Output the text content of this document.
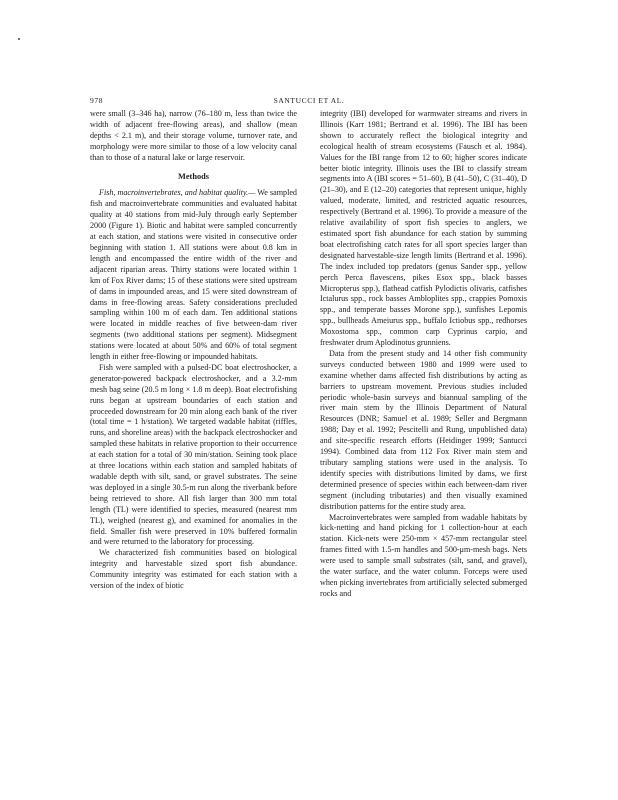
978	SANTUCCI ET AL.

were small (3–346 ha), narrow (76–180 m, less than twice the width of adjacent free-flowing areas), and shallow (mean depths < 2.1 m), and their storage volume, turnover rate, and morphology were more similar to those of a low velocity canal than to those of a natural lake or large reservoir.

Methods

Fish, macroinvertebrates, and habitat quality.— We sampled fish and macroinvertebrate communities and evaluated habitat quality at 40 stations from mid-July through early September 2000 (Figure 1). Biotic and habitat were sampled concurrently at each station, and stations were visited in consecutive order beginning with station 1. All stations were about 0.8 km in length and encompassed the entire width of the river and adjacent riparian areas. Thirty stations were located within 1 km of Fox River dams; 15 of these stations were sited upstream of dams in impounded areas, and 15 were sited downstream of dams in free-flowing areas. Safety considerations precluded sampling within 100 m of each dam. Ten additional stations were located in middle reaches of five between-dam river segments (two additional stations per segment). Midsegment stations were located at about 50% and 60% of total segment length in either free-flowing or impounded habitats.

Fish were sampled with a pulsed-DC boat electroshocker, a generator-powered backpack electroshocker, and a 3.2-mm mesh bag seine (20.5 m long × 1.8 m deep). Boat electrofishing runs began at upstream boundaries of each station and proceeded downstream for 20 min along each bank of the river (total time = 1 h/station). We targeted wadable habitat (riffles, runs, and shoreline areas) with the backpack electroshocker and sampled these habitats in relative proportion to their occurrence at each station for a total of 30 min/station. Seining took place at three locations within each station and sampled habitats of wadable depth with silt, sand, or gravel substrates. The seine was deployed in a single 30.5-m run along the riverbank before being retrieved to shore. All fish larger than 300 mm total length (TL) were identified to species, measured (nearest mm TL), weighed (nearest g), and examined for anomalies in the field. Smaller fish were preserved in 10% buffered formalin and were returned to the laboratory for processing.

We characterized fish communities based on biological integrity and harvestable sized sport fish abundance. Community integrity was estimated for each station with a version of the index of biotic

integrity (IBI) developed for warmwater streams and rivers in Illinois (Karr 1981; Bertrand et al. 1996). The IBI has been shown to accurately reflect the biological integrity and ecological health of stream ecosystems (Fausch et al. 1984). Values for the IBI range from 12 to 60; higher scores indicate better biotic integrity. Illinois uses the IBI to classify stream segments into A (IBI scores = 51–60), B (41–50), C (31–40), D (21–30), and E (12–20) categories that represent unique, highly valued, moderate, limited, and restricted aquatic resources, respectively (Bertrand et al. 1996). To provide a measure of the relative availability of sport fish species to anglers, we estimated sport fish abundance for each station by summing boat electrofishing catch rates for all sport species larger than designated harvestable-size length limits (Bertrand et al. 1996). The index included top predators (genus Sander spp., yellow perch Perca flavescens, pikes Esox spp., black basses Micropterus spp.), flathead catfish Pylodictis olivaris, catfishes Ictalurus spp., rock basses Ambloplites spp., crappies Pomoxis spp., and temperate basses Morone spp.), sunfishes Lepomis spp., bullheads Ameiurus spp., buffalo Ictiobus spp., redhorses Moxostoma spp., common carp Cyprinus carpio, and freshwater drum Aplodinotus grunniens.

Data from the present study and 14 other fish community surveys conducted between 1980 and 1999 were used to examine whether dams affected fish distributions by acting as barriers to upstream movement. Previous studies included periodic whole-basin surveys and biannual sampling of the river main stem by the Illinois Department of Natural Resources (DNR; Samuel et al. 1989; Seller and Bergmann 1988; Day et al. 1992; Pescitelli and Rung, unpublished data) and site-specific research efforts (Heidinger 1999; Santucci 1994). Combined data from 112 Fox River main stem and tributary sampling stations were used in the analysis. To identify species with distributions limited by dams, we first determined presence of species within each between-dam river segment (including tributaries) and then visually examined distribution patterns for the entire study area.

Macroinvertebrates were sampled from wadable habitats by kick-netting and hand picking for 1 collection-hour at each station. Kick-nets were 250-mm × 457-mm rectangular steel frames fitted with 1.5-m handles and 500-μm-mesh bags. Nets were used to sample small substrates (silt, sand, and gravel), the water surface, and the water column. Forceps were used when picking invertebrates from artificially selected submerged rocks and
